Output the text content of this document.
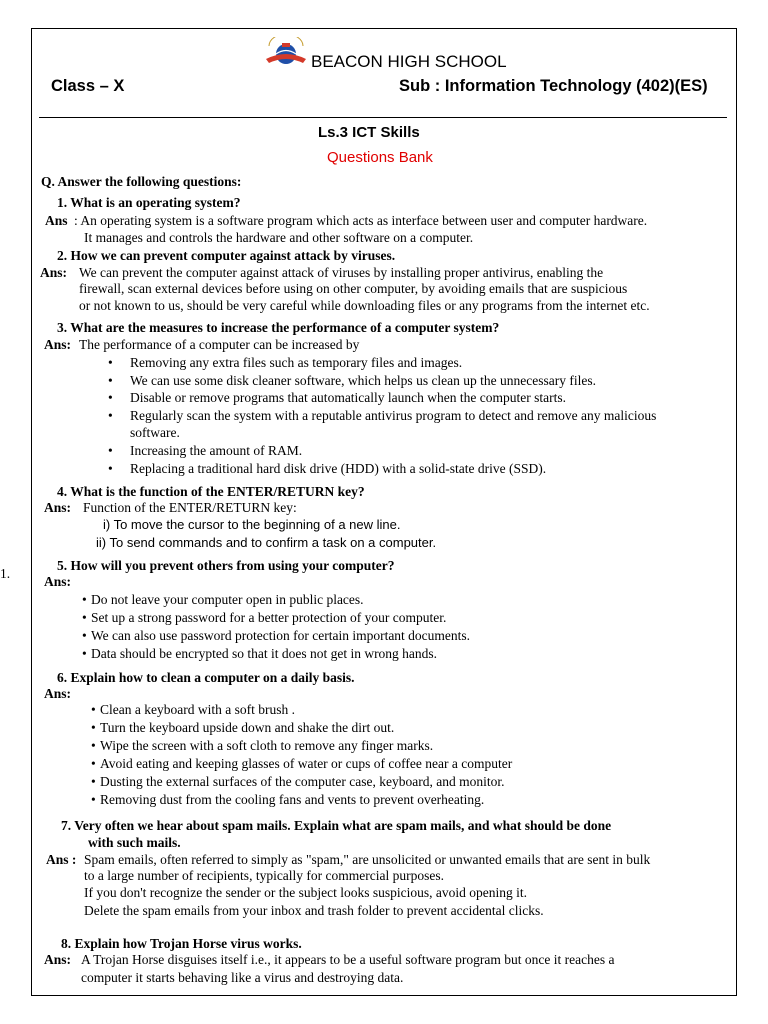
BEACON HIGH SCHOOL
Class – X	Sub : Information Technology (402)(ES)
Ls.3 ICT Skills
Questions Bank
Q. Answer the following questions:
1. What is an operating system?
Ans : An operating system is a software program which acts as interface between user and computer hardware.
It manages and controls the hardware and other software on a computer.
2. How we can prevent computer against attack by viruses.
Ans: We can prevent the computer against attack of viruses by installing proper antivirus, enabling the
firewall, scan external devices before using on other computer, by avoiding emails that are suspicious
or not known to us, should be very careful while downloading files or any programs from the internet etc.
3. What are the measures to increase the performance of a computer system?
Ans: The performance of a computer can be increased by
• Removing any extra files such as temporary files and images.
• We can use some disk cleaner software, which helps us clean up the unnecessary files.
• Disable or remove programs that automatically launch when the computer starts.
• Regularly scan the system with a reputable antivirus program to detect and remove any malicious
software.
• Increasing the amount of RAM.
• Replacing a traditional hard disk drive (HDD) with a solid-state drive (SSD).
4. What is the function of the ENTER/RETURN key?
Ans: Function of the ENTER/RETURN key:
i) To move the cursor to the beginning of a new line.
ii) To send commands and to confirm a task on a computer.
1.
5. How will you prevent others from using your computer?
Ans:
• Do not leave your computer open in public places.
• Set up a strong password for a better protection of your computer.
• We can also use password protection for certain important documents.
• Data should be encrypted so that it does not get in wrong hands.
6. Explain how to clean a computer on a daily basis.
Ans:
• Clean a keyboard with a soft brush .
• Turn the keyboard upside down and shake the dirt out.
• Wipe the screen with a soft cloth to remove any finger marks.
• Avoid eating and keeping glasses of water or cups of coffee near a computer
• Dusting the external surfaces of the computer case, keyboard, and monitor.
• Removing dust from the cooling fans and vents to prevent overheating.
7. Very often we hear about spam mails. Explain what are spam mails, and what should be done
with such mails.
Ans : Spam emails, often referred to simply as "spam," are unsolicited or unwanted emails that are sent in bulk
to a large number of recipients, typically for commercial purposes.
If you don't recognize the sender or the subject looks suspicious, avoid opening it.
Delete the spam emails from your inbox and trash folder to prevent accidental clicks.
8. Explain how Trojan Horse virus works.
Ans: A Trojan Horse disguises itself i.e., it appears to be a useful software program but once it reaches a
computer it starts behaving like a virus and destroying data.
